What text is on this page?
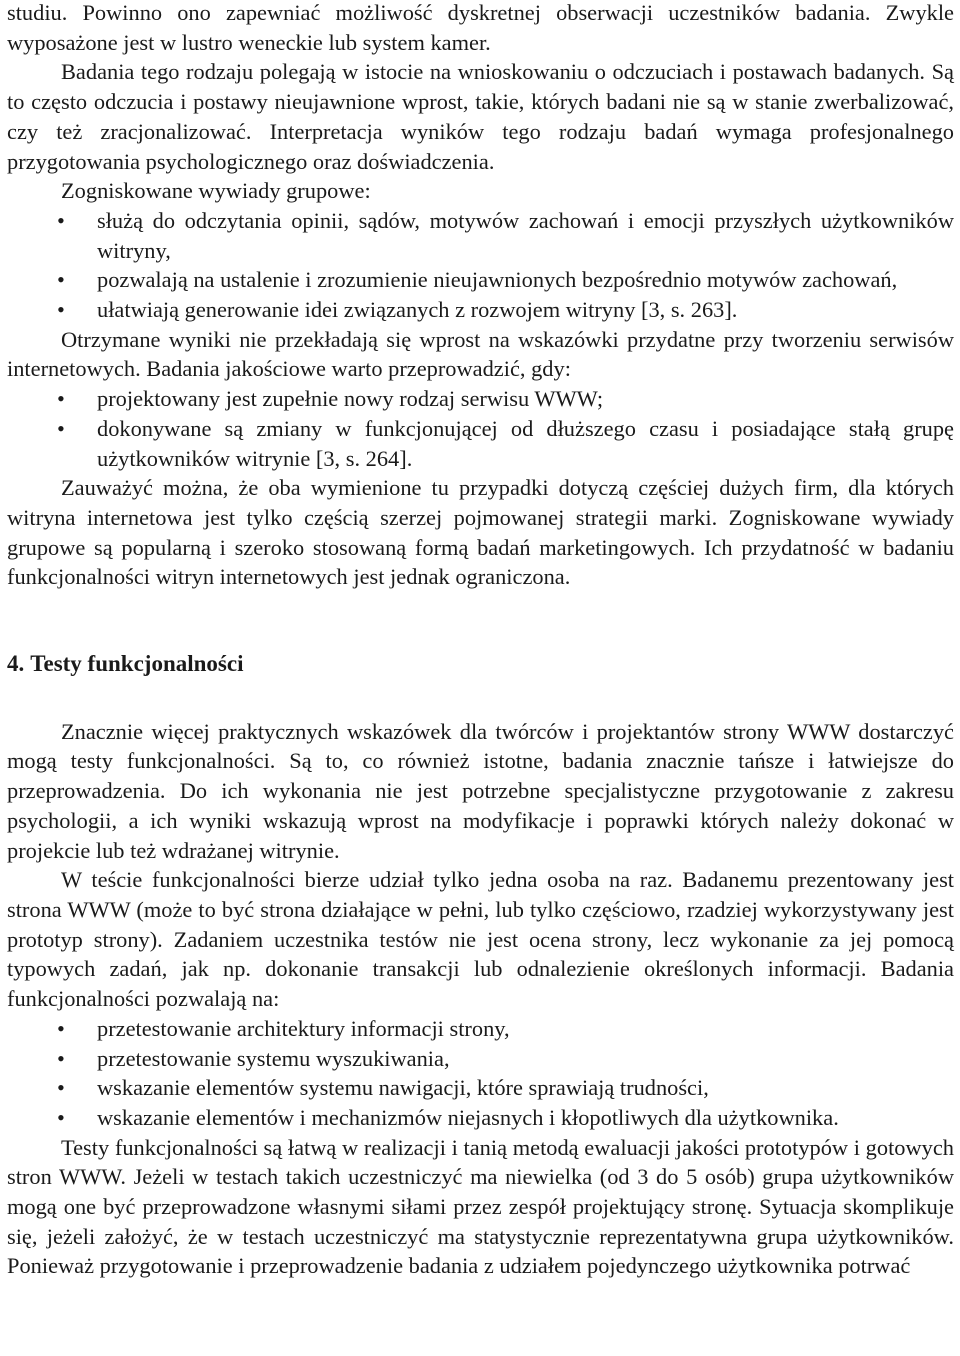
studiu. Powinno ono zapewniać możliwość dyskretnej obserwacji uczestników badania. Zwykle wyposażone jest w lustro weneckie lub system kamer.

Badania tego rodzaju polegają w istocie na wnioskowaniu o odczuciach i postawach badanych. Są to często odczucia i postawy nieujawnione wprost, takie, których badani nie są w stanie zwerbalizować, czy też zracjonalizować. Interpretacja wyników tego rodzaju badań wymaga profesjonalnego przygotowania psychologicznego oraz doświadczenia.

Zogniskowane wywiady grupowe:

• służą do odczytania opinii, sądów, motywów zachowań i emocji przyszłych użytkowników witryny,
• pozwalają na ustalenie i zrozumienie nieujawnionych bezpośrednio motywów zachowań,
• ułatwiają generowanie idei związanych z rozwojem witryny [3, s. 263].

Otrzymane wyniki nie przekładają się wprost na wskazówki przydatne przy tworzeniu serwisów internetowych. Badania jakościowe warto przeprowadzić, gdy:

• projektowany jest zupełnie nowy rodzaj serwisu WWW;
• dokonywane są zmiany w funkcjonującej od dłuższego czasu i posiadające stałą grupę użytkowników witrynie [3, s. 264].

Zauważyć można, że oba wymienione tu przypadki dotyczą częściej dużych firm, dla których witryna internetowa jest tylko częścią szerzej pojmowanej strategii marki. Zogniskowane wywiady grupowe są popularną i szeroko stosowaną formą badań marketingowych. Ich przydatność w badaniu funkcjonalności witryn internetowych jest jednak ograniczona.

4. Testy funkcjonalności

Znacznie więcej praktycznych wskazówek dla twórców i projektantów strony WWW dostarczyć mogą testy funkcjonalności. Są to, co również istotne, badania znacznie tańsze i łatwiejsze do przeprowadzenia. Do ich wykonania nie jest potrzebne specjalistyczne przygotowanie z zakresu psychologii, a ich wyniki wskazują wprost na modyfikacje i poprawki których należy dokonać w projekcie lub też wdrażanej witrynie.

W teście funkcjonalności bierze udział tylko jedna osoba na raz. Badanemu prezentowany jest strona WWW (może to być strona działające w pełni, lub tylko częściowo, rzadziej wykorzystywany jest prototyp strony). Zadaniem uczestnika testów nie jest ocena strony, lecz wykonanie za jej pomocą typowych zadań, jak np. dokonanie transakcji lub odnalezienie określonych informacji. Badania funkcjonalności pozwalają na:

• przetestowanie architektury informacji strony,
• przetestowanie systemu wyszukiwania,
• wskazanie elementów systemu nawigacji, które sprawiają trudności,
• wskazanie elementów i mechanizmów niejasnych i kłopotliwych dla użytkownika.

Testy funkcjonalności są łatwą w realizacji i tanią metodą ewaluacji jakości prototypów i gotowych stron WWW. Jeżeli w testach takich uczestniczyć ma niewielka (od 3 do 5 osób) grupa użytkowników mogą one być przeprowadzone własnymi siłami przez zespół projektujący stronę. Sytuacja skomplikuje się, jeżeli założyć, że w testach uczestniczyć ma statystycznie reprezentatywna grupa użytkowników. Ponieważ przygotowanie i przeprowadzenie badania z udziałem pojedynczego użytkownika potrwać
